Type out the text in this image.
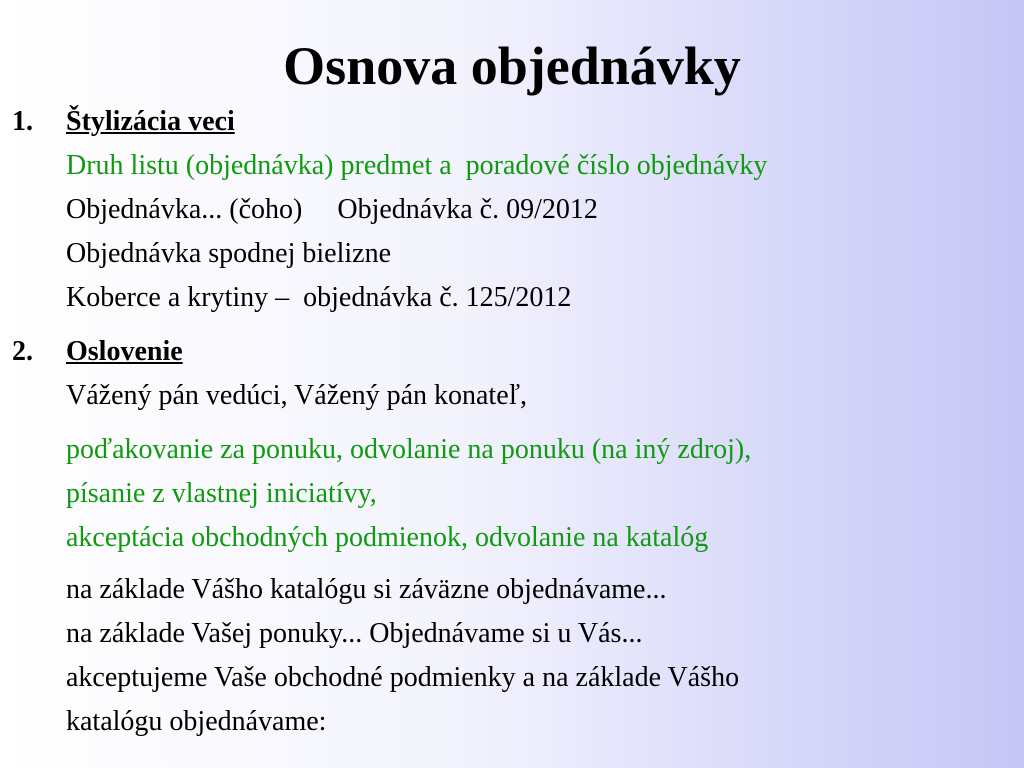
Osnova objednávky
1. Štylizácia veci
Druh listu (objednávka) predmet a  poradové číslo objednávky
Objednávka... (čoho)     Objednávka č. 09/2012
Objednávka spodnej bielizne
Koberce a krytiny –  objednávka č. 125/2012
2. Oslovenie
Vážený pán vedúci, Vážený pán konateľ,
poďakovanie za ponuku, odvolanie na ponuku (na iný zdroj),
písanie z vlastnej iniciatívy,
akceptácia obchodných podmienok, odvolanie na katalóg
na základe Vášho katalógu si záväzne objednávame...
na základe Vašej ponuky... Objednávame si u Vás...
akceptujeme Vaše obchodné podmienky a na základe Vášho
katalógu objednávame:
